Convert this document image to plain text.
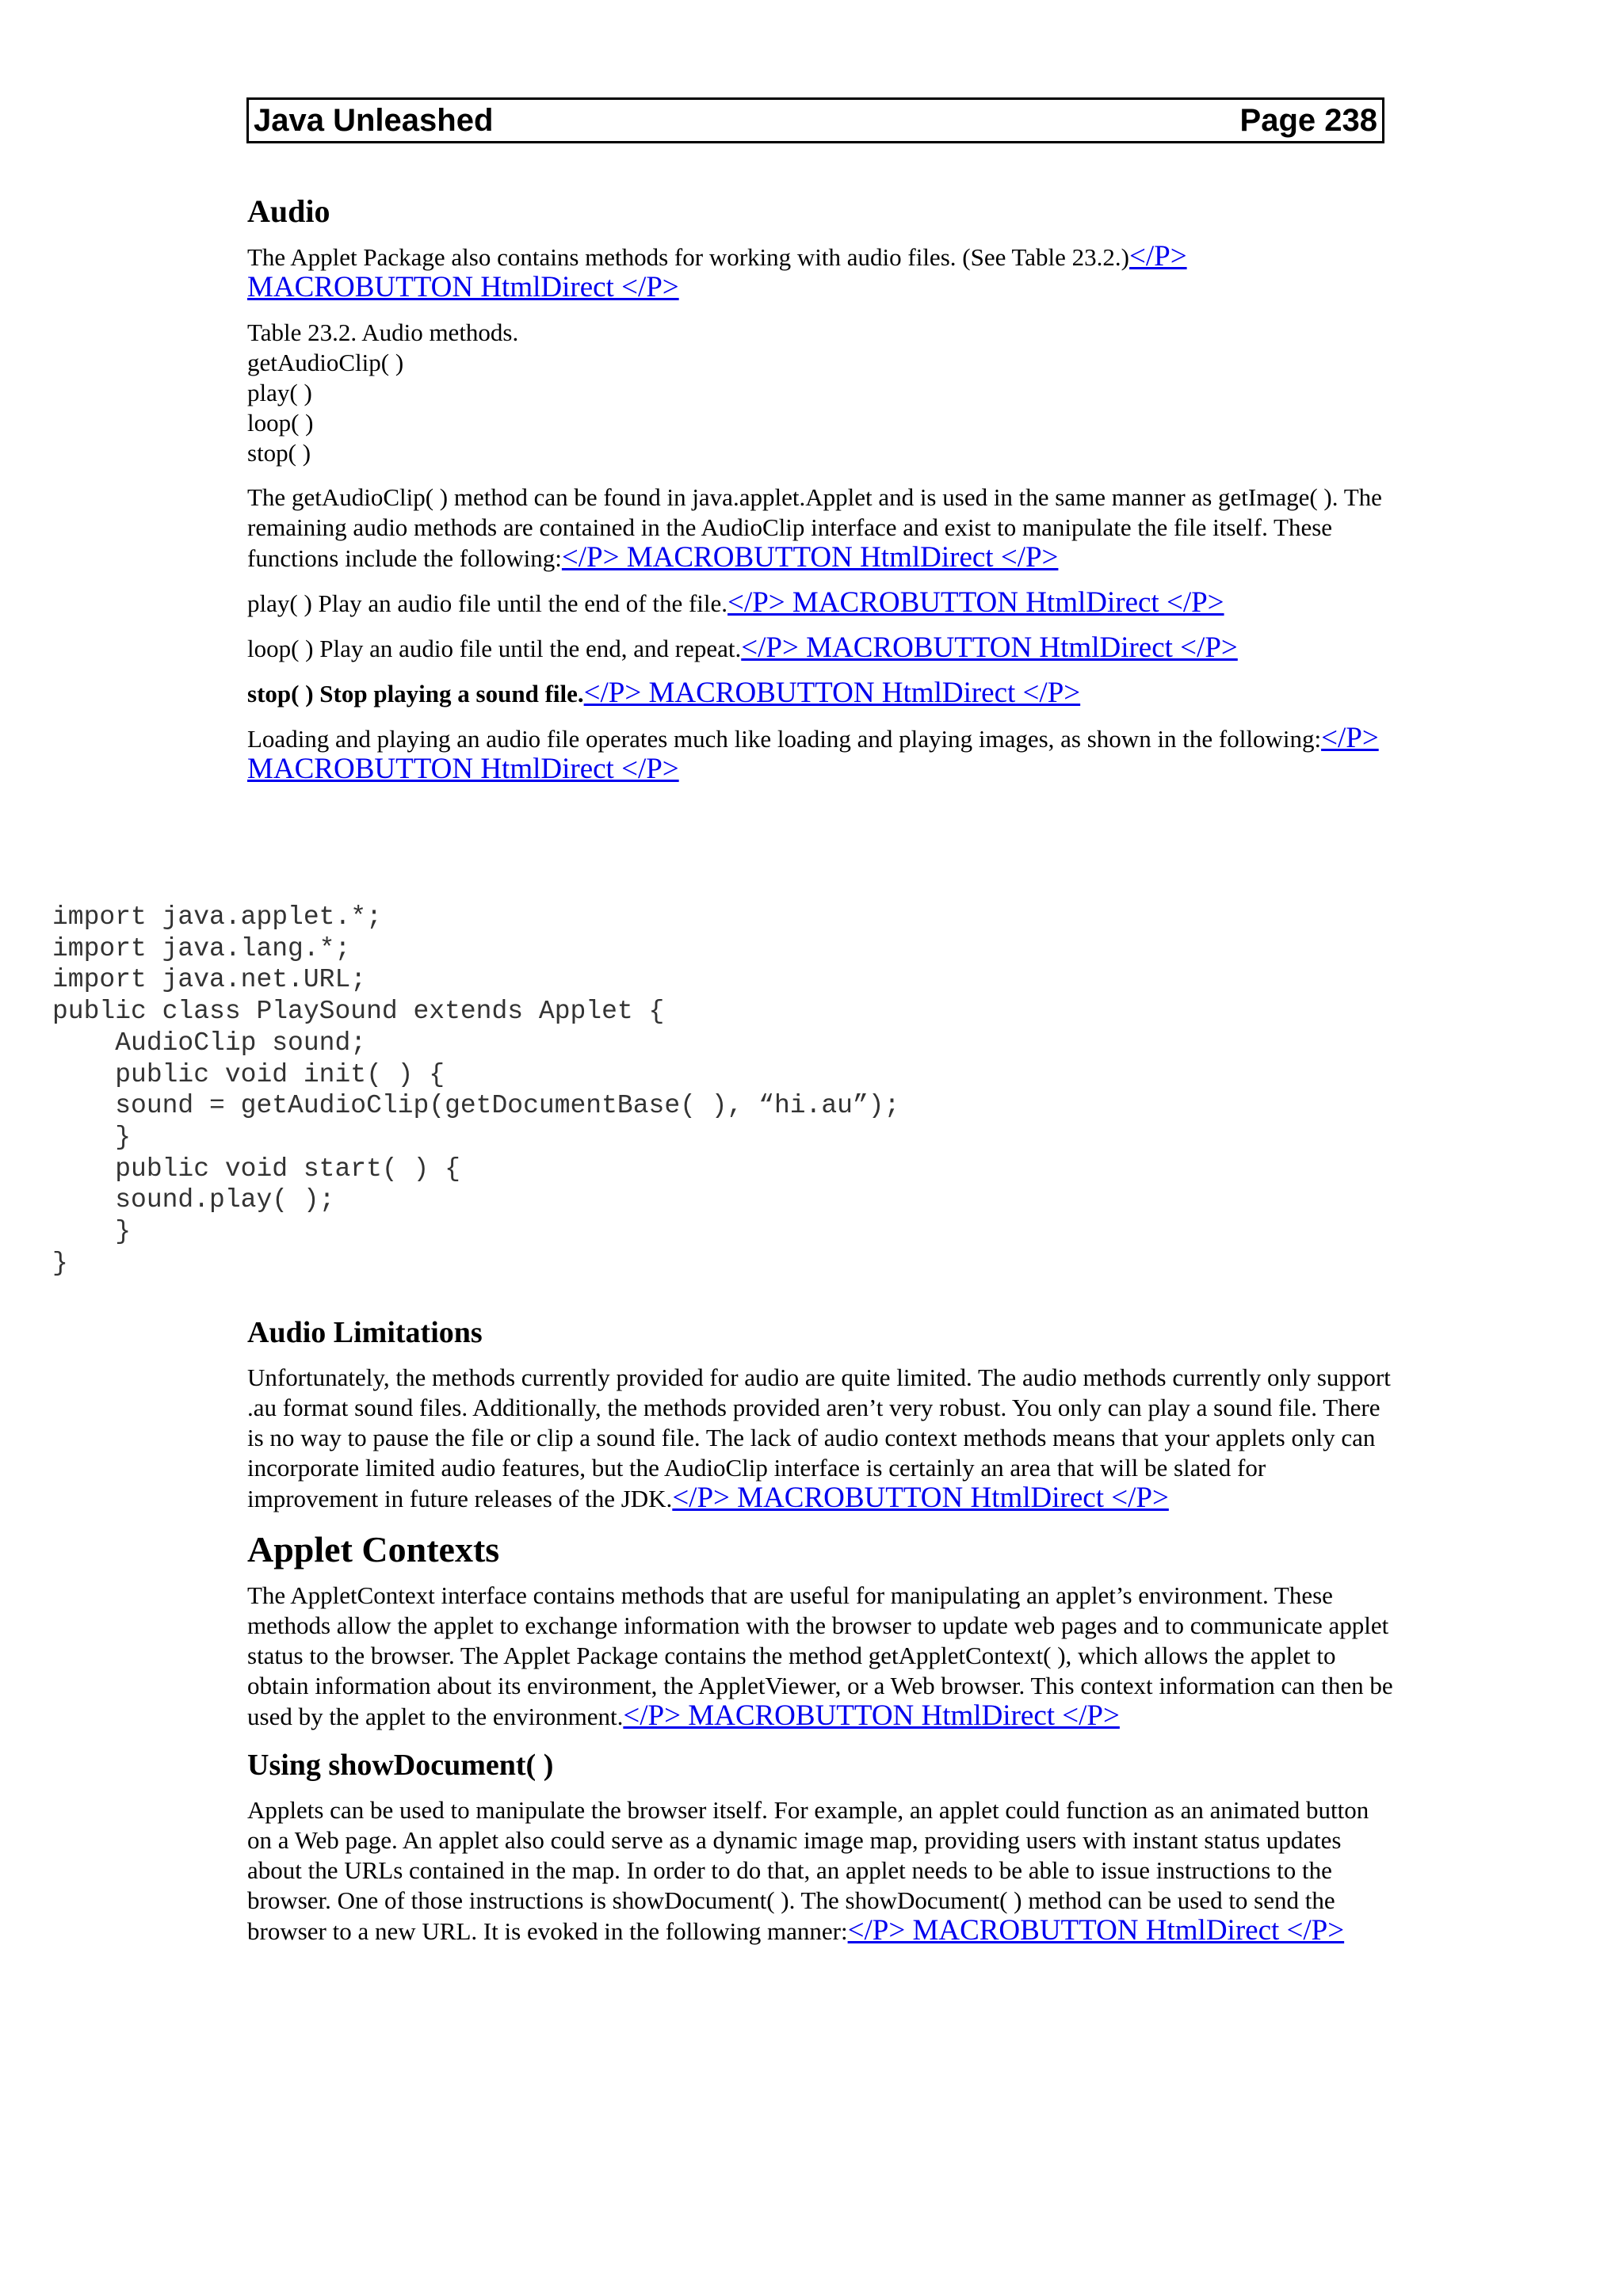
Java Unleashed	Page 238
Audio

The Applet Package also contains methods for working with audio files. (See Table 23.2.)</P> MACROBUTTON HtmlDirect </P>

Table 23.2. Audio methods.
getAudioClip( )
play( )
loop( )
stop( )

The getAudioClip( ) method can be found in java.applet.Applet and is used in the same manner as getImage( ). The remaining audio methods are contained in the AudioClip interface and exist to manipulate the file itself. These functions include the following:</P> MACROBUTTON HtmlDirect </P>

play( ) Play an audio file until the end of the file.</P> MACROBUTTON HtmlDirect </P>

loop( ) Play an audio file until the end, and repeat.</P> MACROBUTTON HtmlDirect </P>

stop( ) Stop playing a sound file.</P> MACROBUTTON HtmlDirect </P>

Loading and playing an audio file operates much like loading and playing images, as shown in the following:</P> MACROBUTTON HtmlDirect </P>

import java.applet.*;
import java.lang.*;
import java.net.URL;
public class PlaySound extends Applet {
AudioClip sound;
public void init( ) {
sound = getAudioClip(getDocumentBase( ), “hi.au”);
}
public void start( ) {
sound.play( );
}
}
Audio Limitations

Unfortunately, the methods currently provided for audio are quite limited. The audio methods currently only support .au format sound files. Additionally, the methods provided aren’t very robust. You only can play a sound file. There is no way to pause the file or clip a sound file. The lack of audio context methods means that your applets only can incorporate limited audio features, but the AudioClip interface is certainly an area that will be slated for improvement in future releases of the JDK.</P> MACROBUTTON HtmlDirect </P>

Applet Contexts

The AppletContext interface contains methods that are useful for manipulating an applet’s environment. These methods allow the applet to exchange information with the browser to update web pages and to communicate applet status to the browser. The Applet Package contains the method getAppletContext( ), which allows the applet to obtain information about its environment, the AppletViewer, or a Web browser. This context information can then be used by the applet to the environment.</P> MACROBUTTON HtmlDirect </P>

Using showDocument( )

Applets can be used to manipulate the browser itself. For example, an applet could function as an animated button on a Web page. An applet also could serve as a dynamic image map, providing users with instant status updates about the URLs contained in the map. In order to do that, an applet needs to be able to issue instructions to the browser. One of those instructions is showDocument( ). The showDocument( ) method can be used to send the browser to a new URL. It is evoked in the following manner:</P> MACROBUTTON HtmlDirect </P>
